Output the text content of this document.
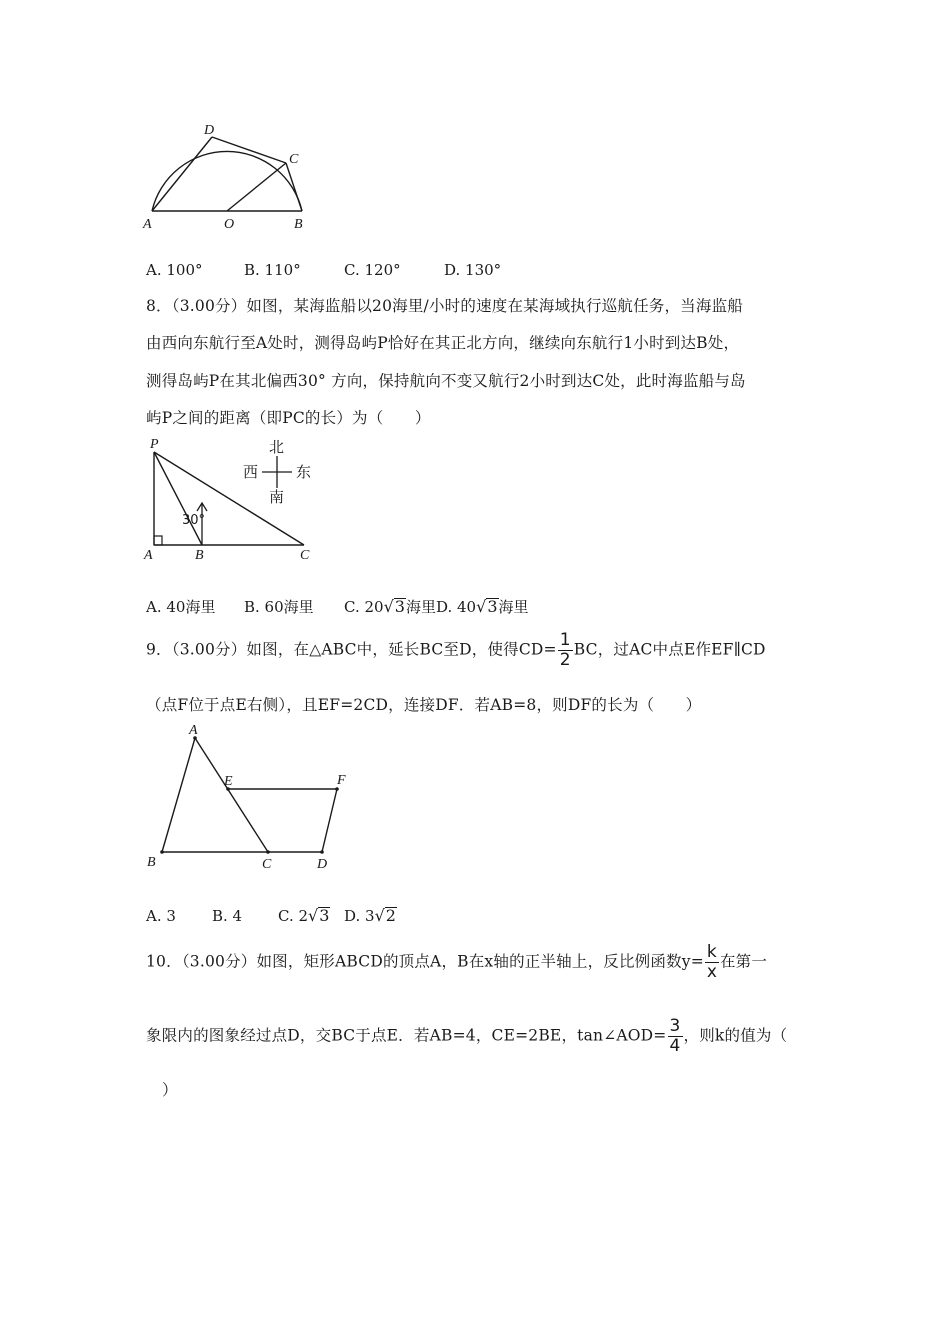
D
C
A	O	B
A. 100°	B. 110°	C. 120°	D. 130°
8．（3.00分）如图，某海监船以20海里/小时的速度在某海域执行巡航任务，当海监船
由西向东航行至A处时，测得岛屿P恰好在其正北方向，继续向东航行1小时到达B处，
测得岛屿P在其北偏西30° 方向，保持航向不变又航行2小时到达C处，此时海监船与岛
屿P之间的距离（即PC的长）为（　　）
P
A	B	C
30°
北
西	东
南
A. 40海里 B. 60海里 C. 20√3海里D. 40√3海里
9．（3.00分）如图，在△ABC中，延长BC至D，使得$CD= \frac{1}{2}$ BC，过AC中点E作EF∥CD
（点F位于点E右侧），且EF=2CD，连接DF．若AB=8，则DF的长为（　　）
A
E	F
B	C	D
A. 3 B. 4 C. 2√3 D. 3√2
10．（3.00分）如图，矩形ABCD的顶点A，B在x轴的正半轴上，反比例函数$y= \frac{k}{x}$ 在第一
象限内的图象经过点D，交BC于点E．若AB=4，CE=2BE，tan∠AOD= $\frac{3}{4}$ ，则k的值为（
）
